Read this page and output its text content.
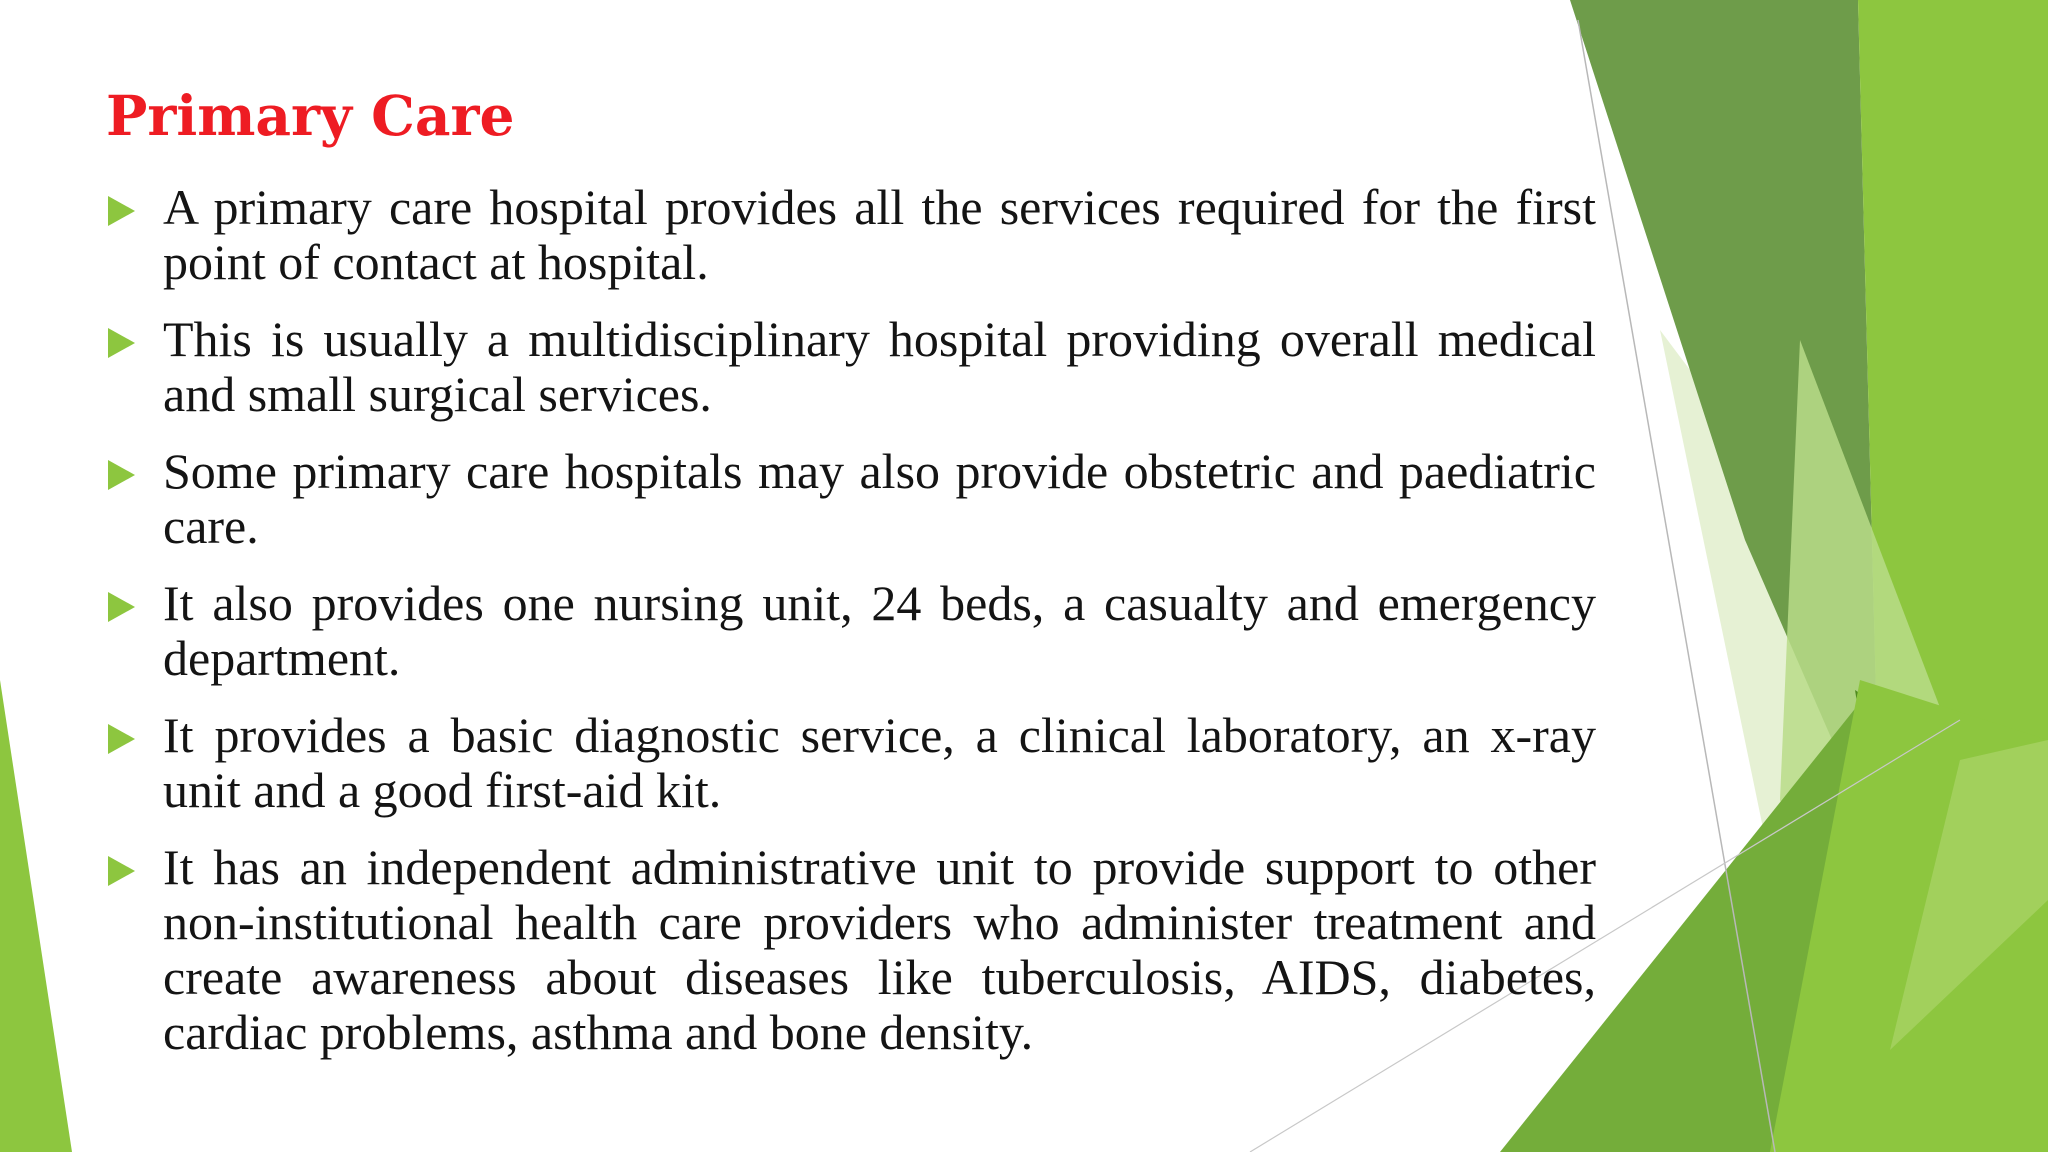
Primary Care
A primary care hospital provides all the services required for the first point of contact at hospital.
This is usually a multidisciplinary hospital providing overall medical and small surgical services.
Some primary care hospitals may also provide obstetric and paediatric care.
It also provides one nursing unit, 24 beds, a casualty and emergency department.
It provides a basic diagnostic service, a clinical laboratory, an x-ray unit and a good first-aid kit.
It has an independent administrative unit to provide support to other non-institutional health care providers who administer treatment and create awareness about diseases like tuberculosis, AIDS, diabetes, cardiac problems, asthma and bone density.
